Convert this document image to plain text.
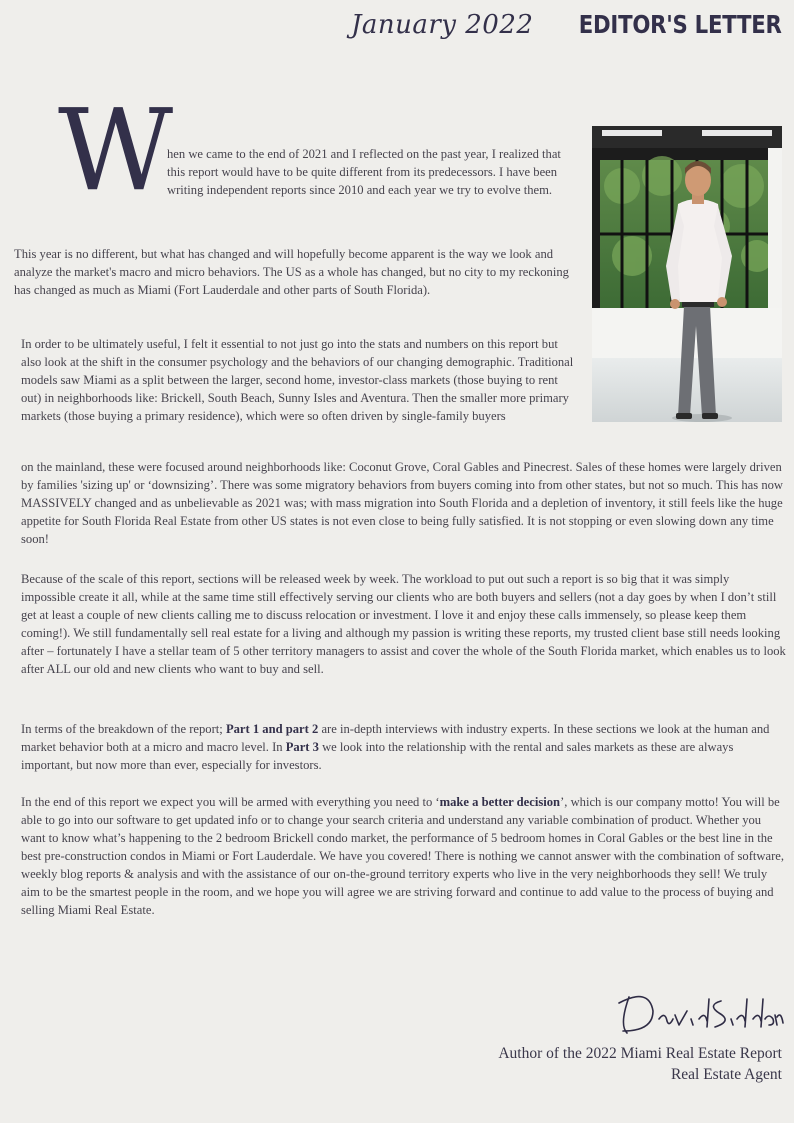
January 2022 EDITOR'S LETTER
W

hen we came to the end of 2021 and I reflected on the past year, I realized that this report would have to be quite different from its predecessors. I have been writing independent reports since 2010 and each year we try to evolve them.

This year is no different, but what has changed and will hopefully become apparent is the way we look and analyze the market's macro and micro behaviors. The US as a whole has changed, but no city to my reckoning has changed as much as Miami (Fort Lauderdale and other parts of South Florida).

In order to be ultimately useful, I felt it essential to not just go into the stats and numbers on this report but also look at the shift in the consumer psychology and the behaviors of our changing demographic. Traditional models saw Miami as a split between the larger, second home, investor-class markets (those buying to rent out) in neighborhoods like: Brickell, South Beach, Sunny Isles and Aventura. Then the smaller more primary markets (those buying a primary residence), which were so often driven by single-family buyers

on the mainland, these were focused around neighborhoods like: Coconut Grove, Coral Gables and Pinecrest. Sales of these homes were largely driven by families 'sizing up' or ‘downsizing’. There was some migratory behaviors from buyers coming into from other states, but not so much. This has now MASSIVELY changed and as unbelievable as 2021 was; with mass migration into South Florida and a depletion of inventory, it still feels like the huge appetite for South Florida Real Estate from other US states is not even close to being fully satisfied. It is not stopping or even slowing down any time soon!

Because of the scale of this report, sections will be released week by week. The workload to put out such a report is so big that it was simply impossible create it all, while at the same time still effectively serving our clients who are both buyers and sellers (not a day goes by when I don’t still get at least a couple of new clients calling me to discuss relocation or investment. I love it and enjoy these calls immensely, so please keep them coming!). We still fundamentally sell real estate for a living and although my passion is writing these reports, my trusted client base still needs looking after – fortunately I have a stellar team of 5 other territory managers to assist and cover the whole of the South Florida market, which enables us to look after ALL our old and new clients who want to buy and sell.

In terms of the breakdown of the report; Part 1 and part 2 are in-depth interviews with industry experts. In these sections we look at the human and market behavior both at a micro and macro level. In Part 3 we look into the relationship with the rental and sales markets as these are always important, but now more than ever, especially for investors.

In the end of this report we expect you will be armed with everything you need to ‘make a better decision’, which is our company motto! You will be able to go into our software to get updated info or to change your search criteria and understand any variable combination of product. Whether you want to know what’s happening to the 2 bedroom Brickell condo market, the performance of 5 bedroom homes in Coral Gables or the best line in the best pre-construction condos in Miami or Fort Lauderdale. We have you covered! There is nothing we cannot answer with the combination of software, weekly blog reports & analysis and with the assistance of our on-the-ground territory experts who live in the very neighborhoods they sell! We truly aim to be the smartest people in the room, and we hope you will agree we are striving forward and continue to add value to the process of buying and selling Miami Real Estate.

Author of the 2022 Miami Real Estate Report
Real Estate Agent
